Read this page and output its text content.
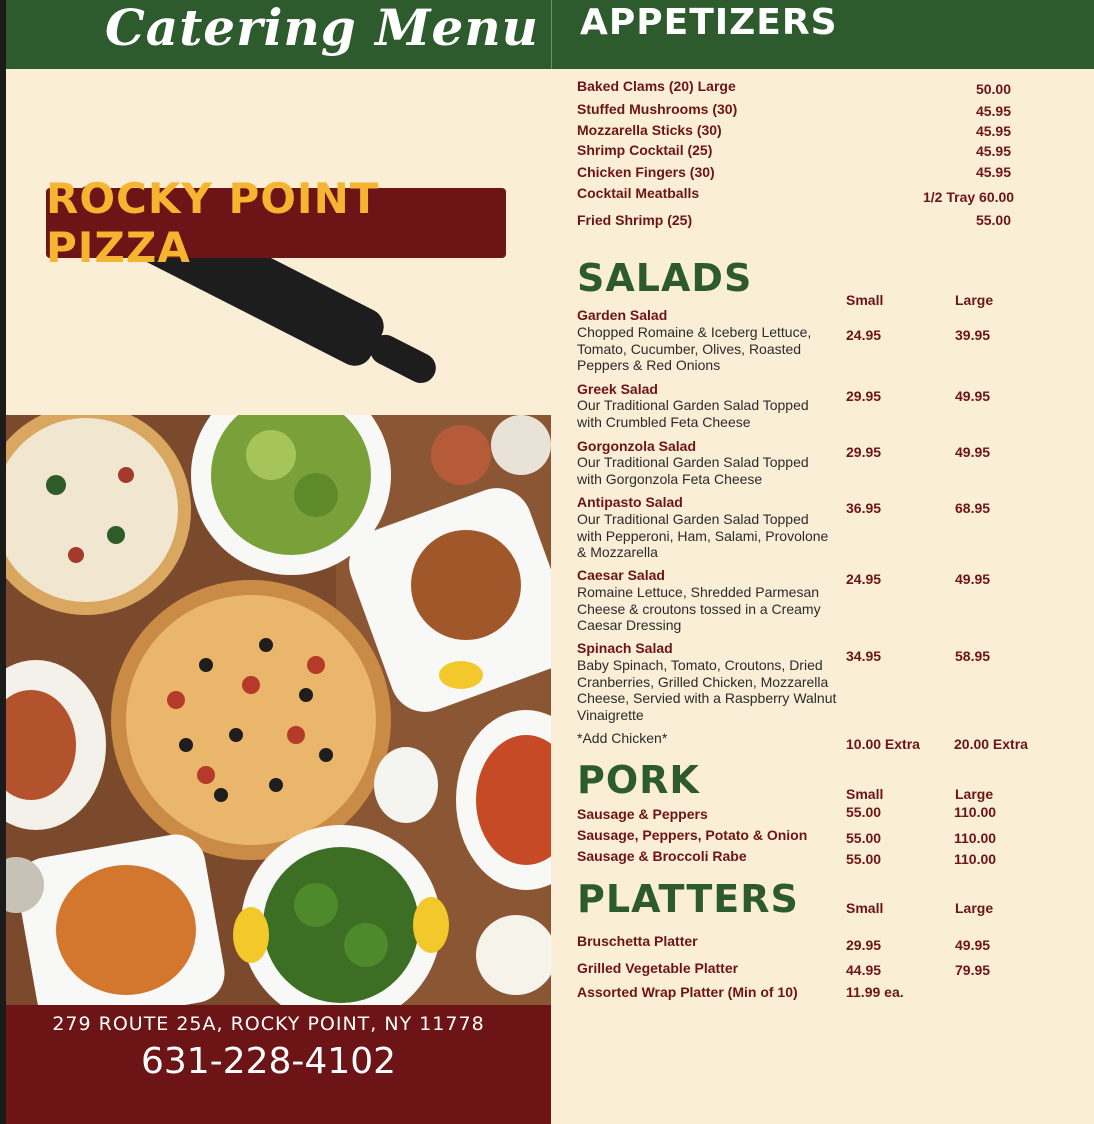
Catering Menu APPETIZERS
ROCKY POINT PIZZA
279 ROUTE 25A, ROCKY POINT, NY 11778
631-228-4102
Baked Clams (20) Large	50.00
Stuffed Mushrooms (30)	45.95
Mozzarella Sticks (30)	45.95
Shrimp Cocktail (25)	45.95
Chicken Fingers (30)	45.95
Cocktail Meatballs	1/2 Tray 60.00
Fried Shrimp (25)	55.00
SALADS	Small	Large
Garden Salad
Chopped Romaine & Iceberg Lettuce, Tomato, Cucumber, Olives, Roasted Peppers & Red Onions
24.95	39.95
Greek Salad
Our Traditional Garden Salad Topped with Crumbled Feta Cheese
29.95	49.95
Gorgonzola Salad
Our Traditional Garden Salad Topped with Gorgonzola Feta Cheese
29.95	49.95
Antipasto Salad
Our Traditional Garden Salad Topped with Pepperoni, Ham, Salami, Provolone & Mozzarella
36.95	68.95
Caesar Salad
Romaine Lettuce, Shredded Parmesan Cheese & croutons tossed in a Creamy Caesar Dressing
24.95	49.95
Spinach Salad
Baby Spinach, Tomato, Croutons, Dried Cranberries, Grilled Chicken, Mozzarella Cheese, Servied with a Raspberry Walnut Vinaigrette
34.95	58.95
*Add Chicken*	10.00 Extra 20.00 Extra
PORK	Small	Large
Sausage & Peppers	55.00	110.00
Sausage, Peppers, Potato & Onion	55.00	110.00
Sausage & Broccoli Rabe	55.00	110.00
PLATTERS	Small	Large
Bruschetta Platter	29.95	49.95
Grilled Vegetable Platter	44.95	79.95
Assorted Wrap Platter (Min of 10)	11.99 ea.
